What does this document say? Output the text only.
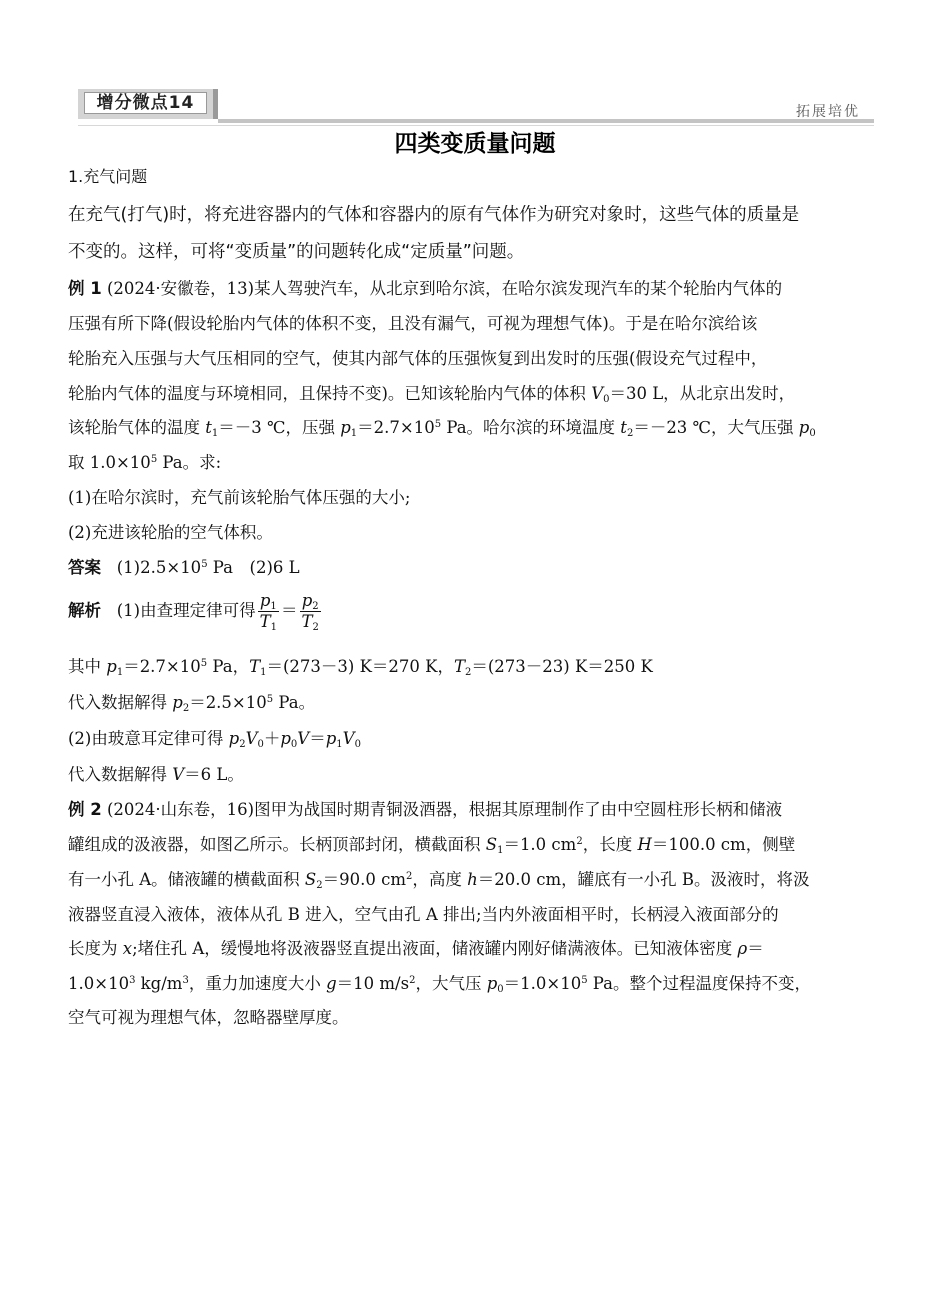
增分微点14	拓展培优
四类变质量问题
1.充气问题
在充气(打气)时，将充进容器内的气体和容器内的原有气体作为研究对象时，这些气体的质量是
不变的。这样，可将“变质量”的问题转化成“定质量”问题。
例 1 (2024·安徽卷，13)某人驾驶汽车，从北京到哈尔滨，在哈尔滨发现汽车的某个轮胎内气体的
压强有所下降(假设轮胎内气体的体积不变，且没有漏气，可视为理想气体)。于是在哈尔滨给该
轮胎充入压强与大气压相同的空气，使其内部气体的压强恢复到出发时的压强(假设充气过程中，
轮胎内气体的温度与环境相同，且保持不变)。已知该轮胎内气体的体积 $V_0=30$ L，从北京出发时，
该轮胎气体的温度 $t_1=-3$ ℃，压强 $p_1=2.7\times 10^5$ Pa。哈尔滨的环境温度 $t_2=-23$ ℃，大气压强 $p_0$
取 $1.0\times 10^5$ Pa。求:
(1)在哈尔滨时，充气前该轮胎气体压强的大小;
(2)充进该轮胎的空气体积。
答案 $(1)2.5\times 10^5$ Pa　(2)6 L
解析 (1)由查理定律可得 $\frac{p_1}{T_1} = \frac{p_2}{T_2}$
其中 $p_1=2.7\times 10^5$ Pa，$T_1=(273-3)$ K＝270 K，$T_2=(273-23)$ K＝250 K
代入数据解得 $p_2=2.5\times 10^5$ Pa。
(2)由玻意耳定律可得 $p_2V_0+p_0V=p_1V_0$
代入数据解得 V＝6 L。
例 2 (2024·山东卷，16)图甲为战国时期青铜汲酒器，根据其原理制作了由中空圆柱形长柄和储液
罐组成的汲液器，如图乙所示。长柄顶部封闭，横截面积 $S_1=1.0$ $cm^2$，长度 H＝100.0 cm，侧壁
有一小孔 A。储液罐的横截面积 $S_2=90.0$ $cm^2$，高度 h＝20.0 cm，罐底有一小孔 B。汲液时，将汲
液器竖直浸入液体，液体从孔 B 进入，空气由孔 A 排出;当内外液面相平时，长柄浸入液面部分的
长度为 x;堵住孔 A，缓慢地将汲液器竖直提出液面，储液罐内刚好储满液体。已知液体密度 ρ＝
$1.0\times 10^3$ $kg/m^3$，重力加速度大小 g＝10 $m/s^2$，大气压 $p_0=1.0\times 10^5$ Pa。整个过程温度保持不变，
空气可视为理想气体，忽略器壁厚度。
